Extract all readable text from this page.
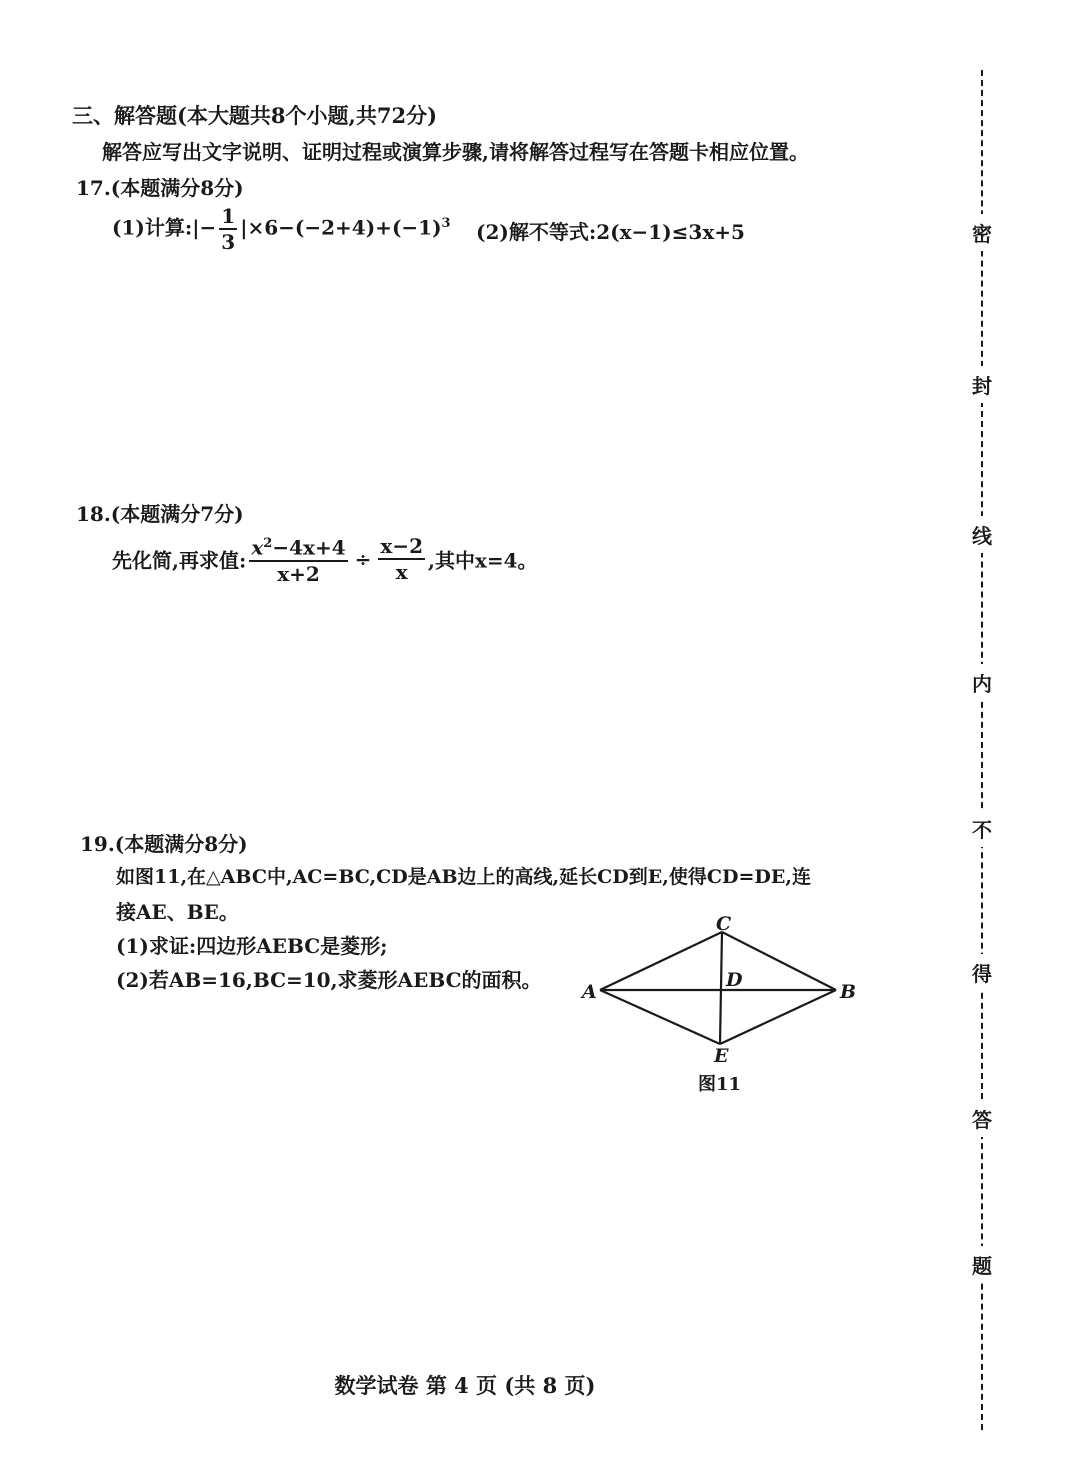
三、解答题(本大题共8个小题,共72分)
解答应写出文字说明、证明过程或演算步骤,请将解答过程写在答题卡相应位置。
17.(本题满分8分)
(1)计算:|− $\frac{1}{3} |\times 6-(-2+4)+(-1)^3$ (2)解不等式:2(x−1)≤3x+5
18.(本题满分7分)
先化简,再求值: $\frac{x^2-4x+4}{x+2} \div \frac{x-2}{x}$ ,其中x=4。
19.(本题满分8分)
如图11,在△ABC中,AC=BC,CD是AB边上的高线,延长CD到E,使得CD=DE,连
接AE、BE。
(1)求证:四边形AEBC是菱形;
(2)若AB=16,BC=10,求菱形AEBC的面积。 A	B
C
D
E
图11
数学试卷 第 4 页 (共 8 页)
密
封
线
内
不
得
答
题
